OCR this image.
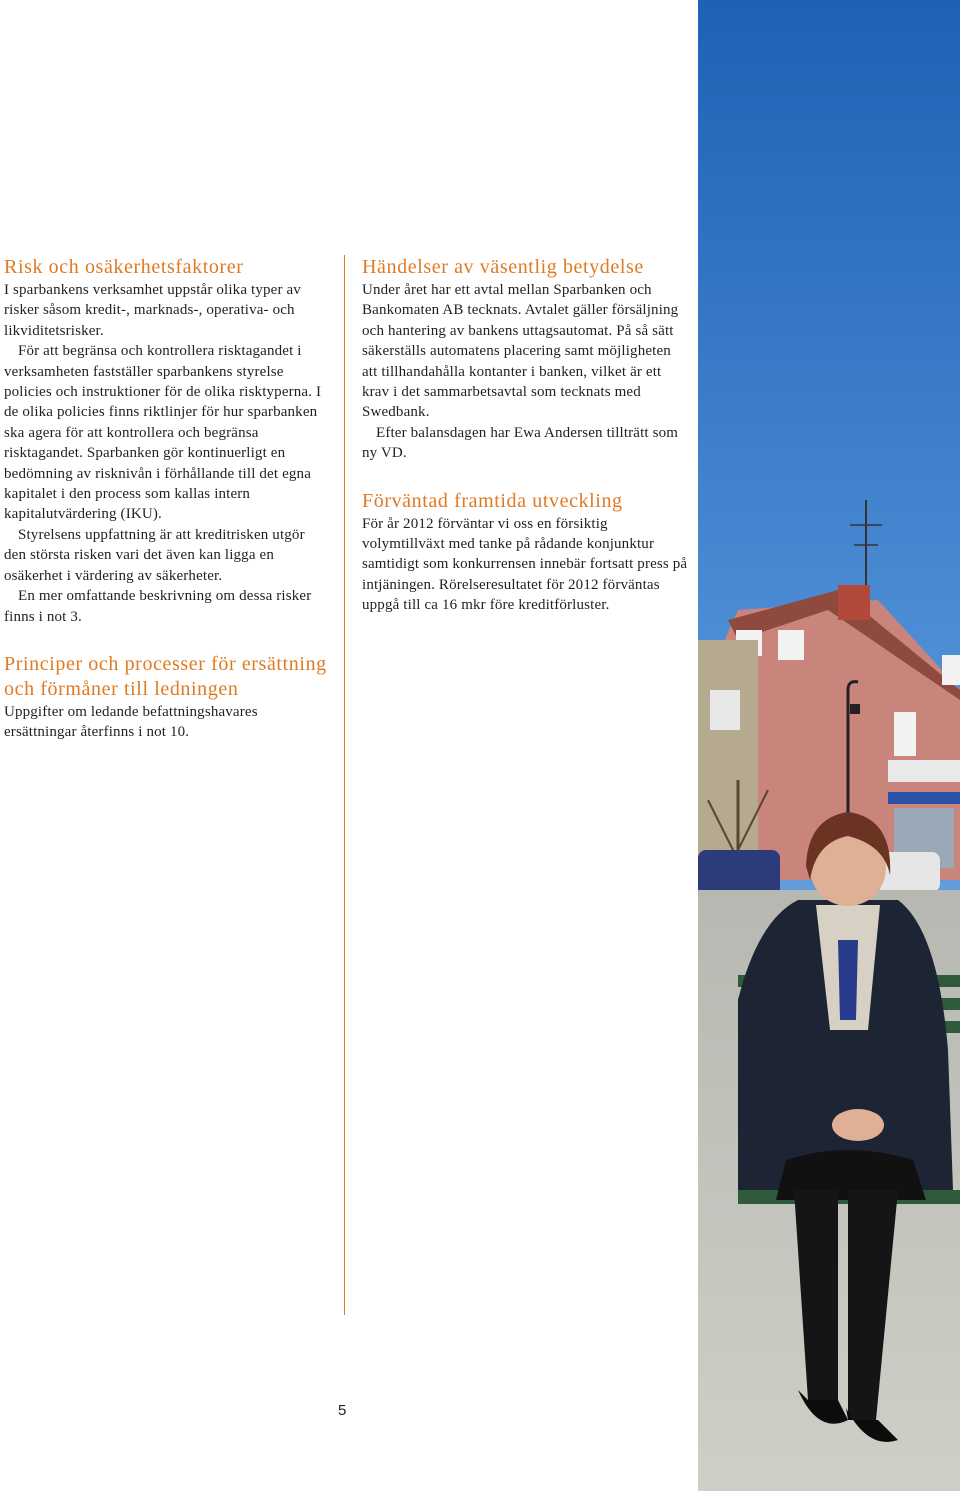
Risk och osäkerhetsfaktorer

I sparbankens verksamhet uppstår olika typer av risker såsom kredit-, marknads-, operativa- och likviditetsrisker.

För att begränsa och kontrollera risktagandet i verksamheten fastställer sparbankens styrelse policies och instruktioner för de olika risktyperna. I de olika policies finns riktlinjer för hur sparbanken ska agera för att kontrollera och begränsa risktagandet. Sparbanken gör kontinuerligt en bedömning av risknivån i förhållande till det egna kapitalet i den process som kallas intern kapitalutvärdering (IKU).

Styrelsens uppfattning är att kreditrisken utgör den största risken vari det även kan ligga en osäkerhet i värdering av säkerheter.

En mer omfattande beskrivning om dessa risker finns i not 3.

Principer och processer för ersättning och förmåner till ledningen

Uppgifter om ledande befattningshavares ersättningar återfinns i not 10.

Händelser av väsentlig betydelse

Under året har ett avtal mellan Sparbanken och Bankomaten AB tecknats. Avtalet gäller försäljning och hantering av bankens uttagsautomat. På så sätt säkerställs automatens placering samt möjligheten att tillhandahålla kontanter i banken, vilket är ett krav i det sammarbetsavtal som tecknats med Swedbank.

Efter balansdagen har Ewa Andersen tillträtt som ny VD.

Förväntad framtida utveckling

För år 2012 förväntar vi oss en försiktig volymtillväxt med tanke på rådande konjunktur samtidigt som konkurrensen innebär fortsatt press på intjäningen. Rörelseresultatet för 2012 förväntas uppgå till ca 16 mkr före kreditförluster.

5
